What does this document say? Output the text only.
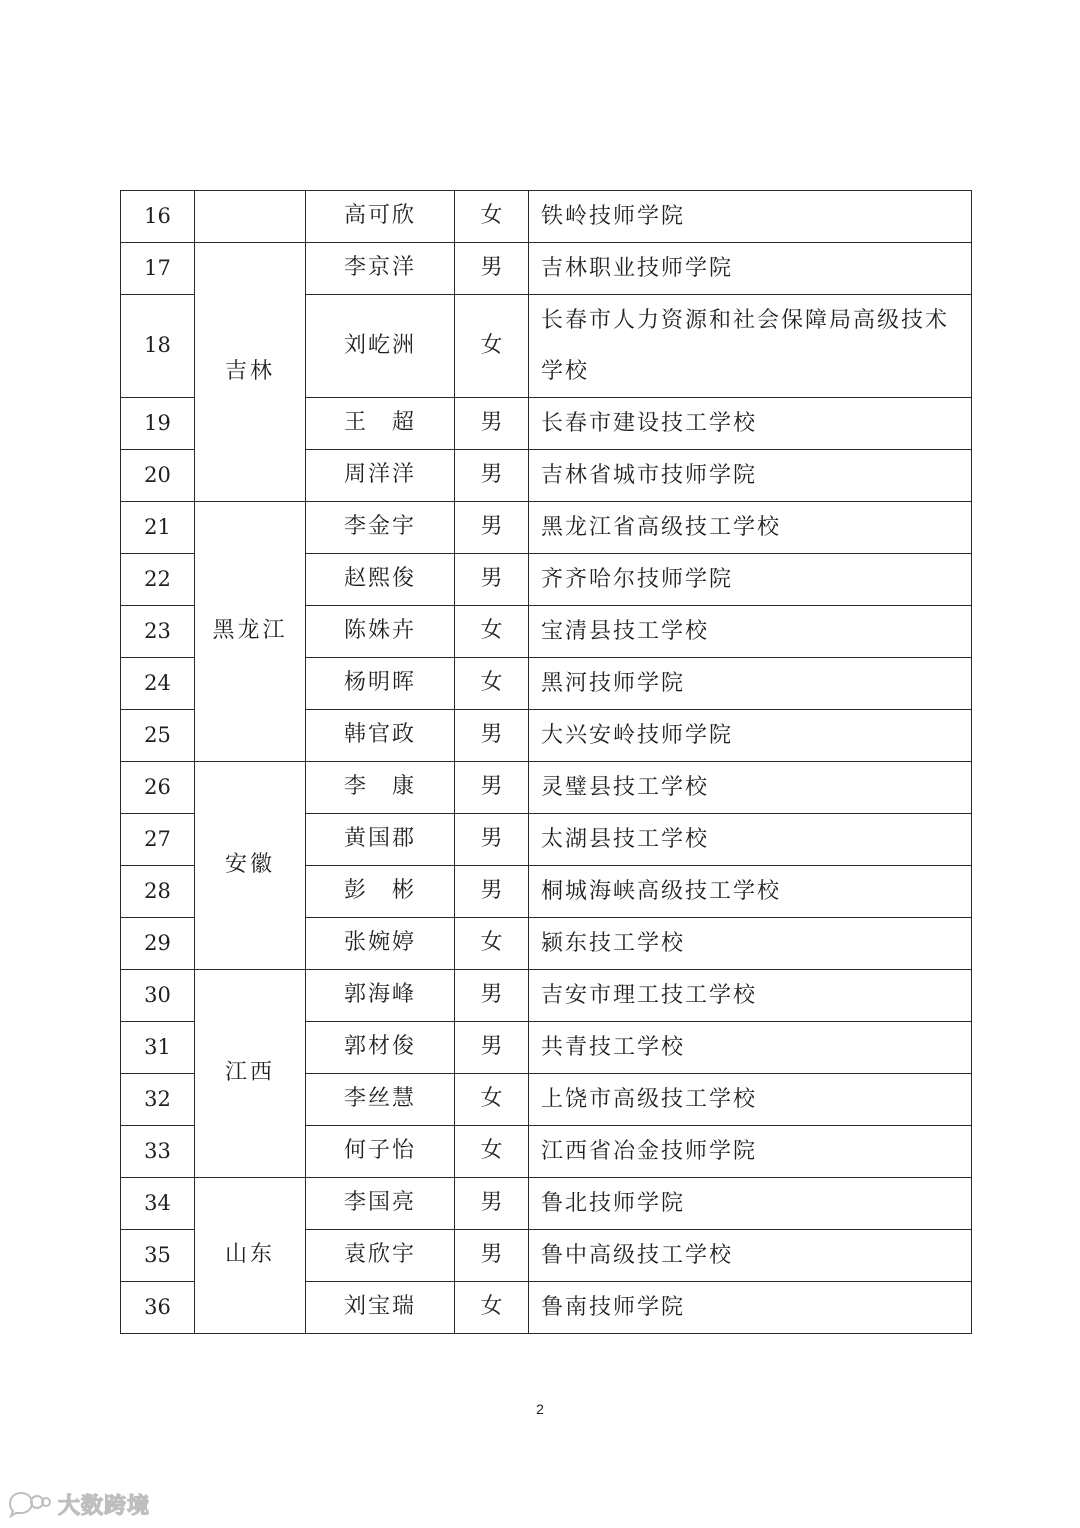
16		高可欣	女	铁岭技师学院
17	吉林	李京洋	男	吉林职业技师学院
18		刘屹洲	女	长春市人力资源和社会保障局高级技术学校
19		王　超	男	长春市建设技工学校
20		周洋洋	男	吉林省城市技师学院
21	黑龙江	李金宇	男	黑龙江省高级技工学校
22		赵熙俊	男	齐齐哈尔技师学院
23		陈姝卉	女	宝清县技工学校
24		杨明晖	女	黑河技师学院
25		韩官政	男	大兴安岭技师学院
26	安徽	李　康	男	灵璧县技工学校
27		黄国郡	男	太湖县技工学校
28		彭　彬	男	桐城海峡高级技工学校
29		张婉婷	女	颍东技工学校
30	江西	郭海峰	男	吉安市理工技工学校
31		郭材俊	男	共青技工学校
32		李丝慧	女	上饶市高级技工学校
33		何子怡	女	江西省冶金技师学院
34	山东	李国亮	男	鲁北技师学院
35		袁欣宇	男	鲁中高级技工学校
36		刘宝瑞	女	鲁南技师学院
2
大数跨境
